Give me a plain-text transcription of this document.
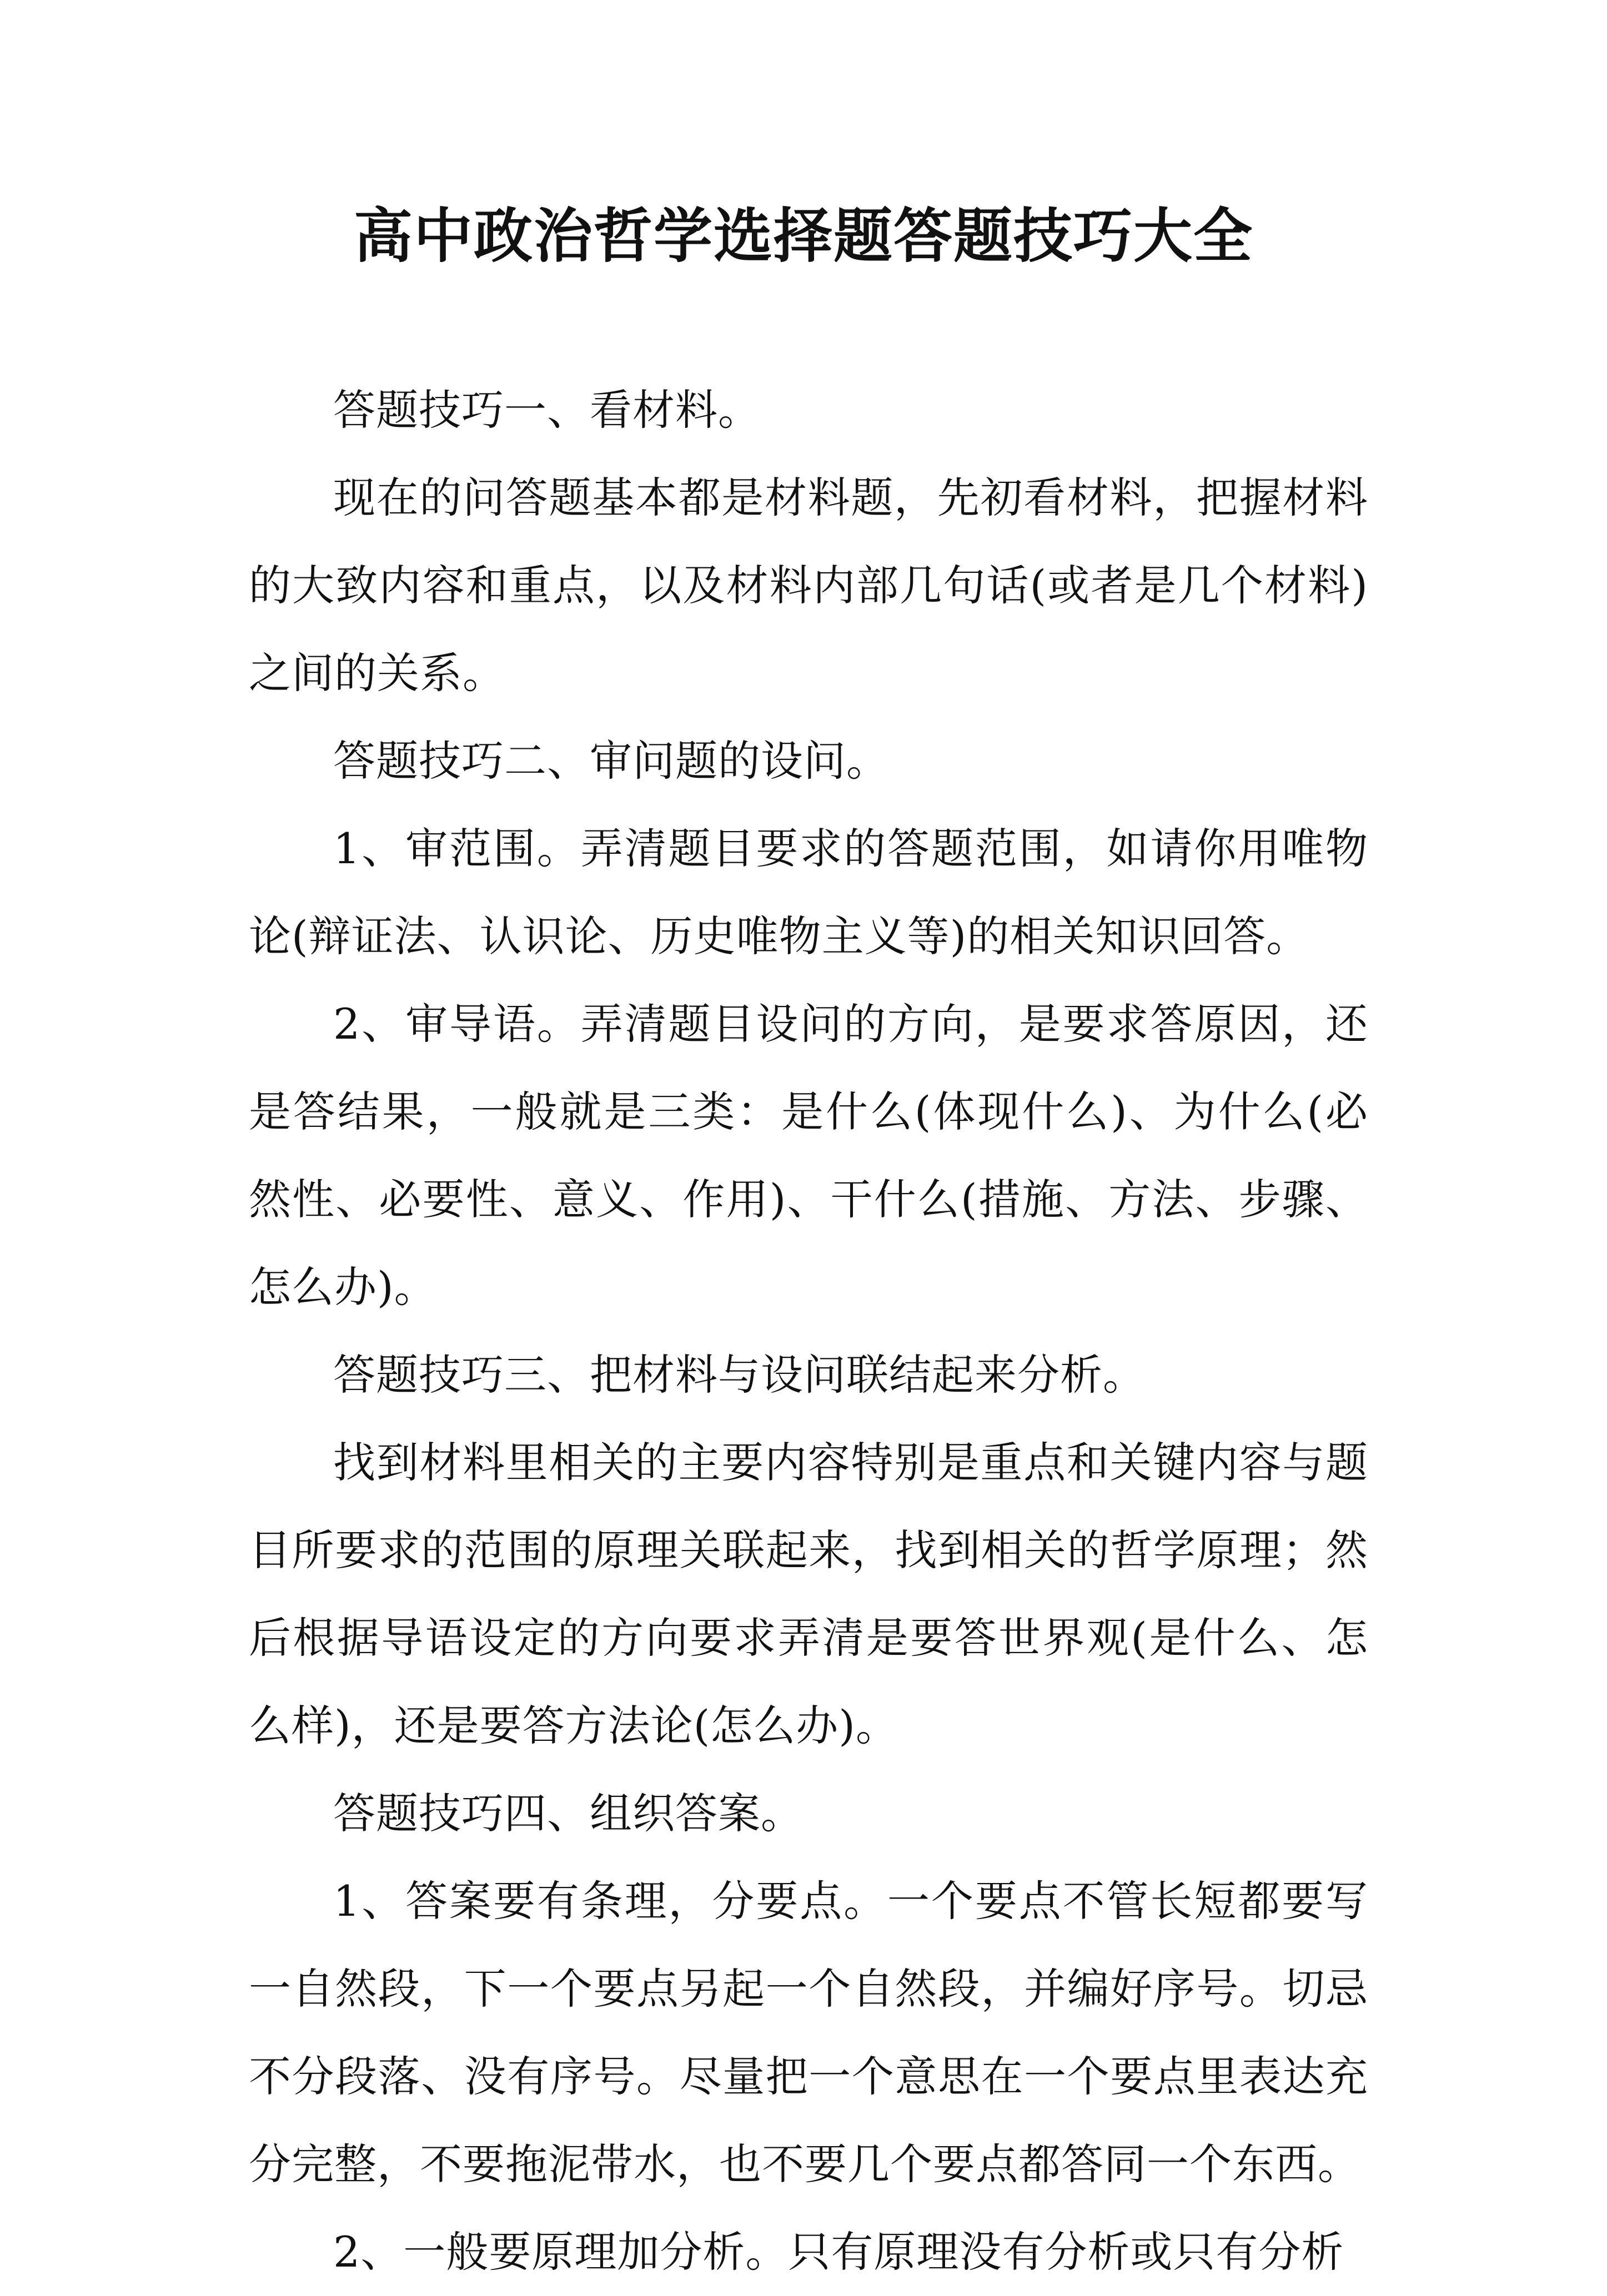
高中政治哲学选择题答题技巧大全

答题技巧一、看材料。

现在的问答题基本都是材料题，先初看材料，把握材料的大致内容和重点，以及材料内部几句话(或者是几个材料)之间的关系。

答题技巧二、审问题的设问。

1、审范围。弄清题目要求的答题范围，如请你用唯物论(辩证法、认识论、历史唯物主义等)的相关知识回答。

2、审导语。弄清题目设问的方向，是要求答原因，还是答结果，一般就是三类：是什么(体现什么)、为什么(必然性、必要性、意义、作用)、干什么(措施、方法、步骤、怎么办)。

答题技巧三、把材料与设问联结起来分析。

找到材料里相关的主要内容特别是重点和关键内容与题目所要求的范围的原理关联起来，找到相关的哲学原理；然后根据导语设定的方向要求弄清是要答世界观(是什么、怎么样)，还是要答方法论(怎么办)。

答题技巧四、组织答案。

1、答案要有条理，分要点。一个要点不管长短都要写一自然段，下一个要点另起一个自然段，并编好序号。切忌不分段落、没有序号。尽量把一个意思在一个要点里表达充分完整，不要拖泥带水，也不要几个要点都答同一个东西。

2、一般要原理加分析。只有原理没有分析或只有分析
